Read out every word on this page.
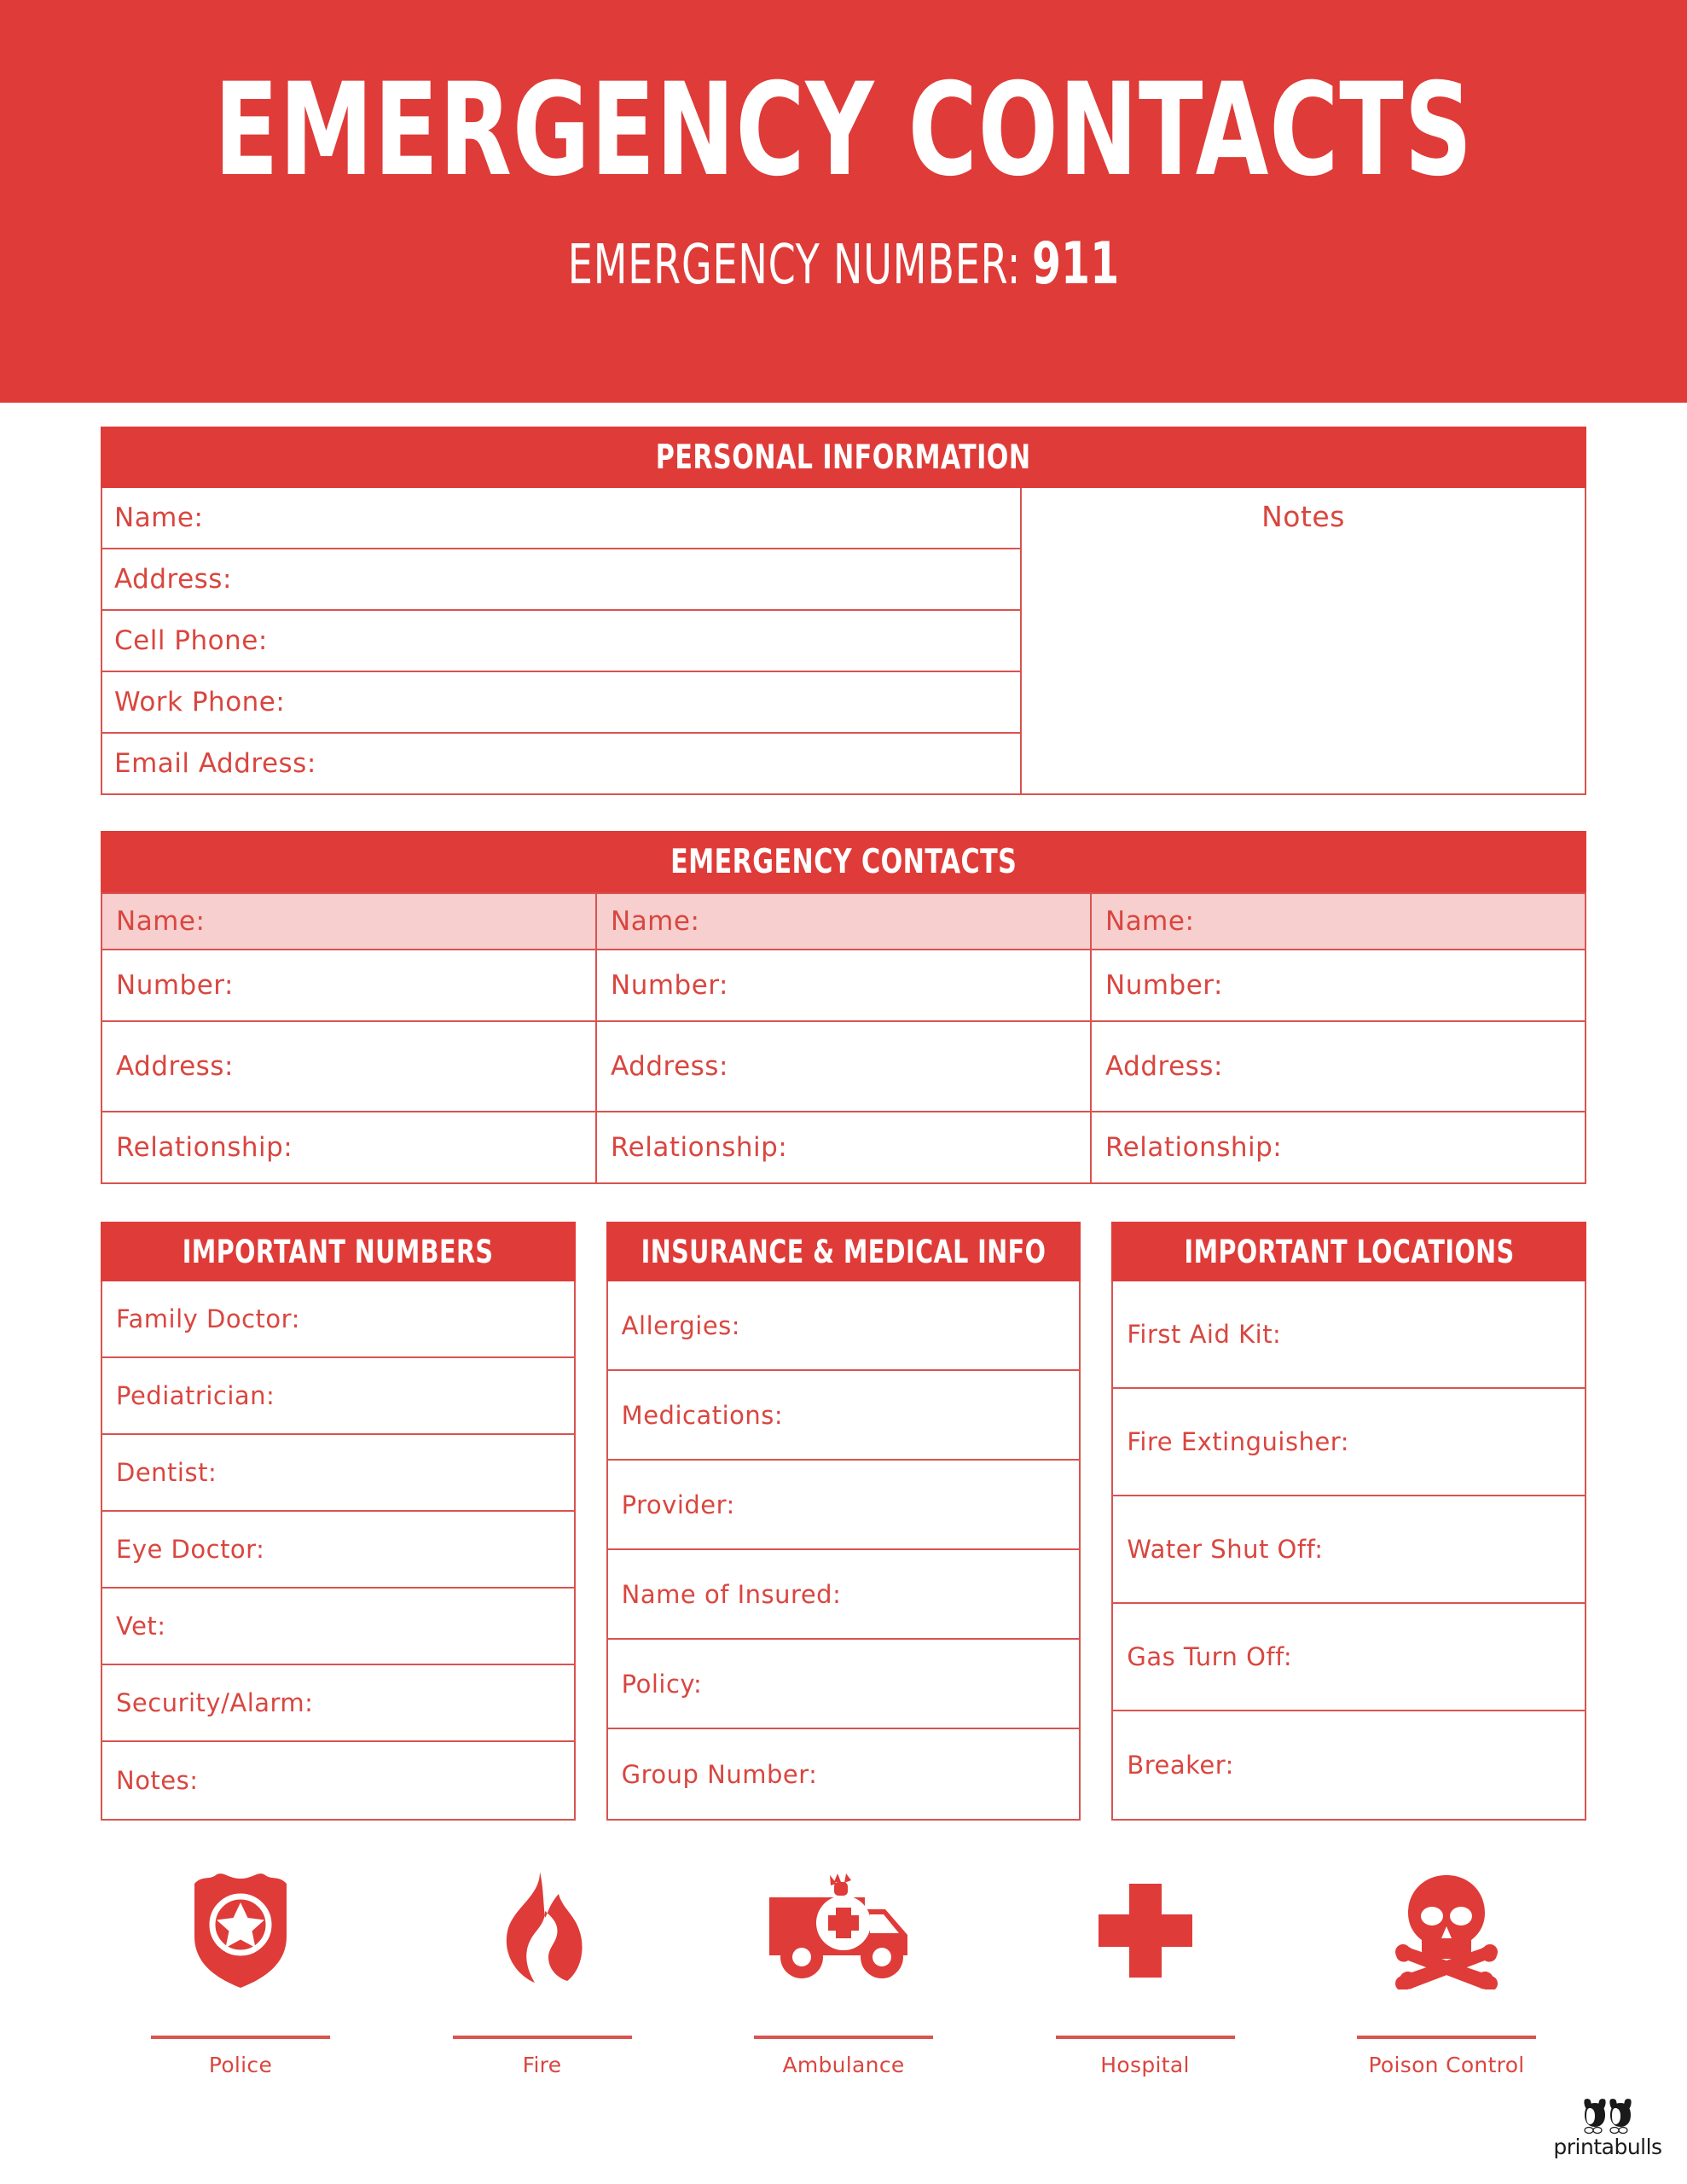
EMERGENCY CONTACTS
EMERGENCY NUMBER: 911
PERSONAL INFORMATION
Name:
Address:
Cell Phone:
Work Phone:
Email Address:
Notes
EMERGENCY CONTACTS
Name:	Name:	Name:
Number:	Number:	Number:
Address:	Address:	Address:
Relationship:	Relationship:	Relationship:
IMPORTANT NUMBERS
Family Doctor:
Pediatrician:
Dentist:
Eye Doctor:
Vet:
Security/Alarm:
Notes:
INSURANCE & MEDICAL INFO
Allergies:
Medications:
Provider:
Name of Insured:
Policy:
Group Number:
IMPORTANT LOCATIONS
First Aid Kit:
Fire Extinguisher:
Water Shut Off:
Gas Turn Off:
Breaker:
Police	Fire	Ambulance	Hospital	Poison Control
printabulls
